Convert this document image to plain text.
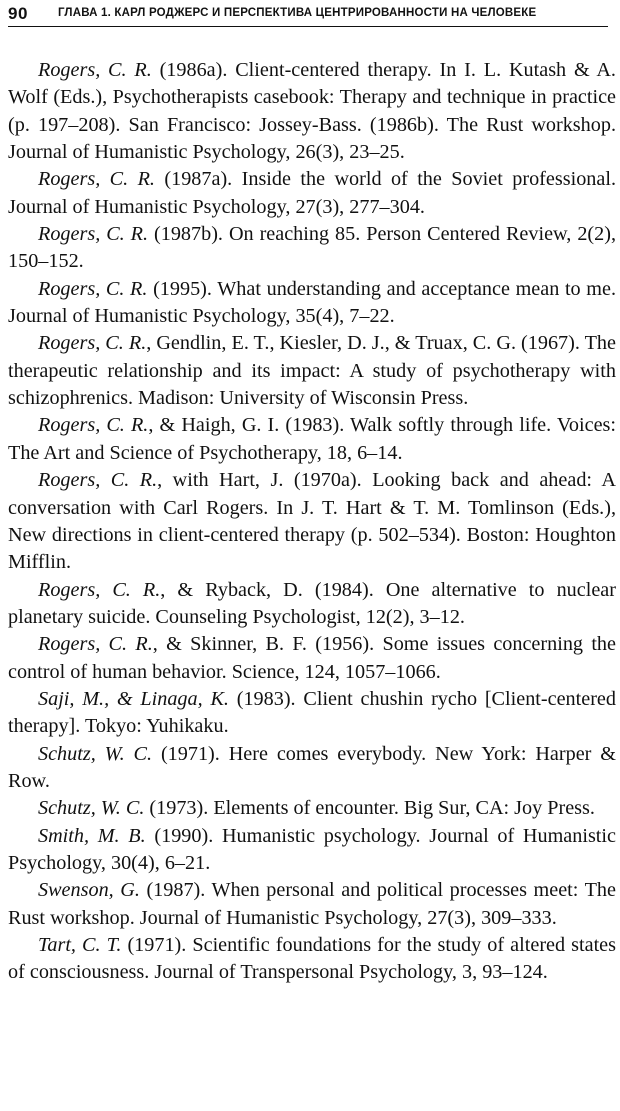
90	ГЛАВА 1. КАРЛ РОДЖЕРС И ПЕРСПЕКТИВА ЦЕНТРИРОВАННОСТИ НА ЧЕЛОВЕКЕ

Rogers, C. R. (1986a). Client-centered therapy. In I. L. Kutash & A. Wolf (Eds.), Psychotherapists casebook: Therapy and technique in practice (p. 197–208). San Francisco: Jossey-Bass. (1986b). The Rust workshop. Journal of Humanistic Psychology, 26(3), 23–25.

Rogers, C. R. (1987a). Inside the world of the Soviet professional. Journal of Humanistic Psychology, 27(3), 277–304.

Rogers, C. R. (1987b). On reaching 85. Person Centered Review, 2(2), 150–152.

Rogers, C. R. (1995). What understanding and acceptance mean to me. Journal of Humanistic Psychology, 35(4), 7–22.

Rogers, C. R., Gendlin, E. T., Kiesler, D. J., & Truax, C. G. (1967). The therapeutic relationship and its impact: A study of psychotherapy with schizophrenics. Madison: University of Wisconsin Press.

Rogers, C. R., & Haigh, G. I. (1983). Walk softly through life. Voices: The Art and Science of Psychotherapy, 18, 6–14.

Rogers, C. R., with Hart, J. (1970a). Looking back and ahead: A conversation with Carl Rogers. In J. T. Hart & T. M. Tomlinson (Eds.), New directions in client-centered therapy (p. 502–534). Boston: Houghton Mifflin.

Rogers, C. R., & Ryback, D. (1984). One alternative to nuclear planetary suicide. Counseling Psychologist, 12(2), 3–12.

Rogers, C. R., & Skinner, B. F. (1956). Some issues concerning the control of human behavior. Science, 124, 1057–1066.

Saji, M., & Linaga, K. (1983). Client chushin rycho [Client-centered therapy]. Tokyo: Yuhikaku.

Schutz, W. C. (1971). Here comes everybody. New York: Harper & Row.

Schutz, W. C. (1973). Elements of encounter. Big Sur, CA: Joy Press.

Smith, M. B. (1990). Humanistic psychology. Journal of Humanistic Psychology, 30(4), 6–21.

Swenson, G. (1987). When personal and political processes meet: The Rust workshop. Journal of Humanistic Psychology, 27(3), 309–333.

Tart, C. T. (1971). Scientific foundations for the study of altered states of consciousness. Journal of Transpersonal Psychology, 3, 93–124.
